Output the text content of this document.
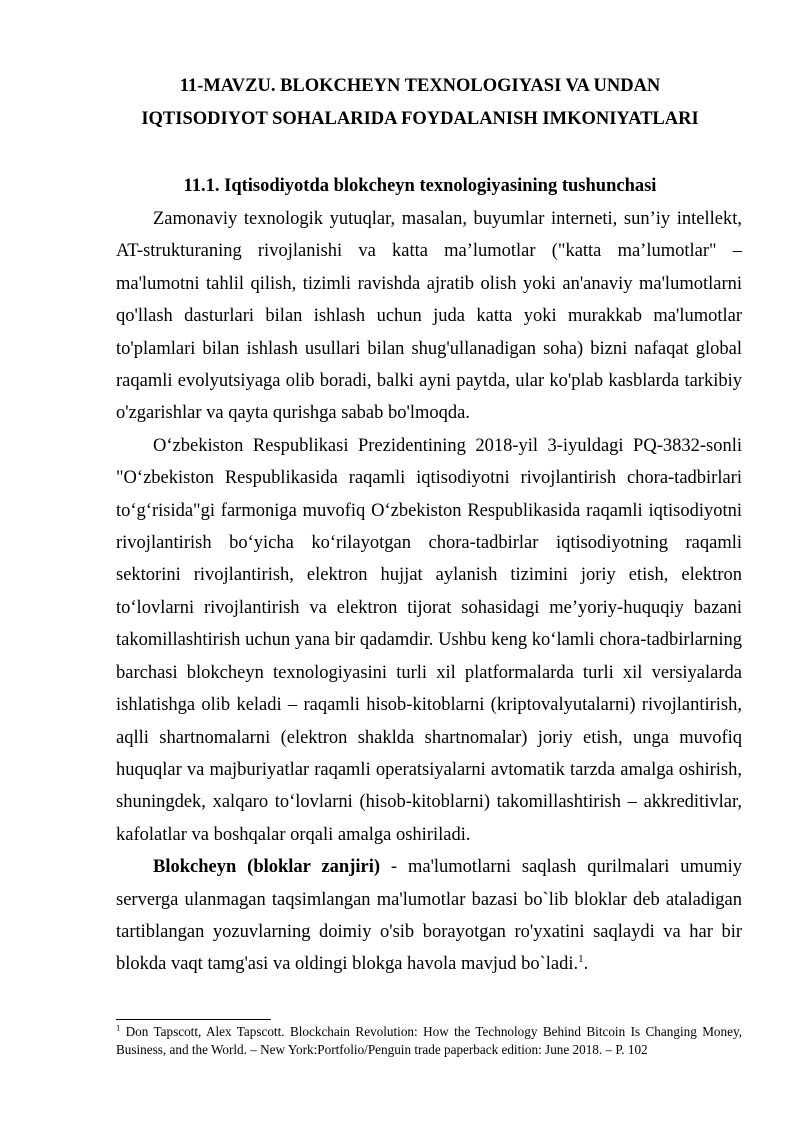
11-MAVZU. BLOKCHEYN TEXNOLOGIYASI VA UNDAN
IQTISODIYOT SOHALARIDA FOYDALANISH IMKONIYATLARI
11.1. Iqtisodiyotda blokcheyn texnologiyasining tushunchasi

Zamonaviy texnologik yutuqlar, masalan, buyumlar interneti, sun’iy intellekt, AT-strukturaning rivojlanishi va katta ma’lumotlar ("katta ma’lumotlar" – ma'lumotni tahlil qilish, tizimli ravishda ajratib olish yoki an'anaviy ma'lumotlarni qo'llash dasturlari bilan ishlash uchun juda katta yoki murakkab ma'lumotlar to'plamlari bilan ishlash usullari bilan shug'ullanadigan soha) bizni nafaqat global raqamli evolyutsiyaga olib boradi, balki ayni paytda, ular ko'plab kasblarda tarkibiy o'zgarishlar va qayta qurishga sabab bo'lmoqda.

O‘zbekiston Respublikasi Prezidentining 2018-yil 3-iyuldagi PQ-3832-sonli "O‘zbekiston Respublikasida raqamli iqtisodiyotni rivojlantirish chora-tadbirlari to‘g‘risida"gi farmoniga muvofiq O‘zbekiston Respublikasida raqamli iqtisodiyotni rivojlantirish bo‘yicha ko‘rilayotgan chora-tadbirlar iqtisodiyotning raqamli sektorini rivojlantirish, elektron hujjat aylanish tizimini joriy etish, elektron to‘lovlarni rivojlantirish va elektron tijorat sohasidagi me’yoriy-huquqiy bazani takomillashtirish uchun yana bir qadamdir. Ushbu keng ko‘lamli chora-tadbirlarning barchasi blokcheyn texnologiyasini turli xil platformalarda turli xil versiyalarda ishlatishga olib keladi – raqamli hisob-kitoblarni (kriptovalyutalarni) rivojlantirish, aqlli shartnomalarni (elektron shaklda shartnomalar) joriy etish, unga muvofiq huquqlar va majburiyatlar raqamli operatsiyalarni avtomatik tarzda amalga oshirish, shuningdek, xalqaro to‘lovlarni (hisob-kitoblarni) takomillashtirish – akkreditivlar, kafolatlar va boshqalar orqali amalga oshiriladi.

Blokcheyn (bloklar zanjiri) - ma'lumotlarni saqlash qurilmalari umumiy serverga ulanmagan taqsimlangan ma'lumotlar bazasi bo`lib bloklar deb ataladigan tartiblangan yozuvlarning doimiy o'sib borayotgan ro'yxatini saqlaydi va har bir blokda vaqt tamg'asi va oldingi blokga havola mavjud bo`ladi.$^1$.

$^1$ Don Tapscott, Alex Tapscott. Blockchain Revolution: How the Technology Behind Bitcoin Is Changing Money, Business, and the World. – New York:Portfolio/Penguin trade paperback edition: June 2018. – P. 102
